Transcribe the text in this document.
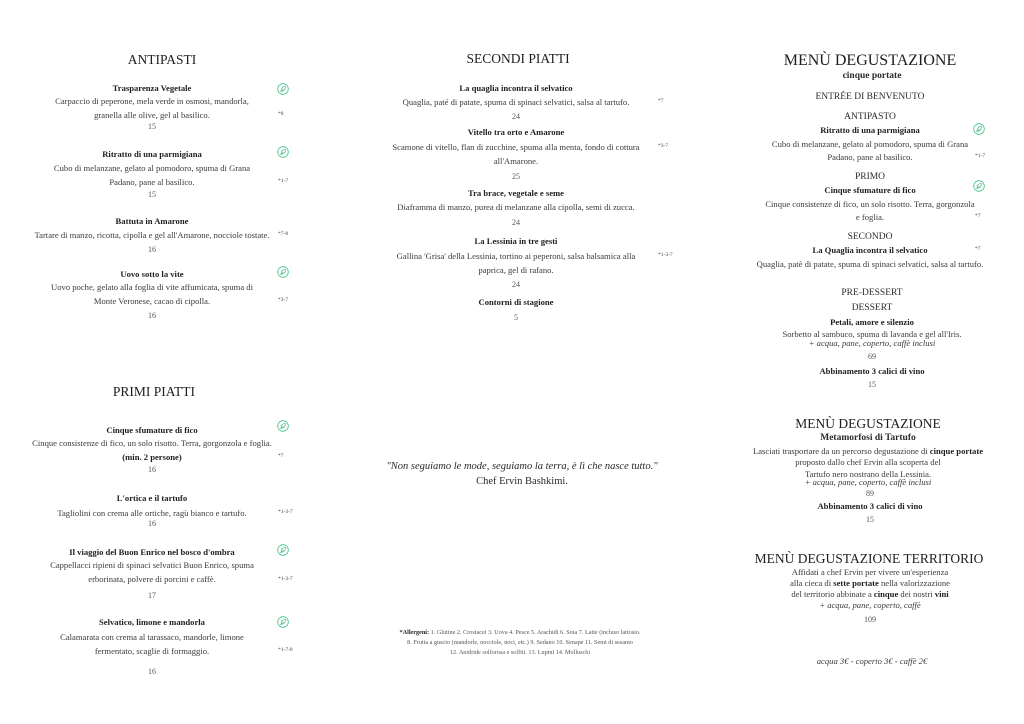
ANTIPASTI
Trasparenza Vegetale
Carpaccio di peperone, mela verde in osmosi, mandorla,
granella alle olive, gel al basilico.	*8
15
Ritratto di una parmigiana
Cubo di melanzane, gelato al pomodoro, spuma di Grana
Padano, pane al basilico.	*1-7
15
Battuta in Amarone
Tartare di manzo, ricotta, cipolla e gel all'Amarone, nocciole tostate.	*7-8
16
Uovo sotto la vite
Uovo poche, gelato alla foglia di vite affumicata, spuma di
Monte Veronese, cacao di cipolla.	*3-7
16
PRIMI PIATTI
Cinque sfumature di fico
Cinque consistenze di fico, un solo risotto. Terra, gorgonzola e foglia.
(min. 2 persone)	*7
16
L'ortica e il tartufo
Tagliolini con crema alle ortiche, ragù bianco e tartufo.	*1-3-7
16
Il viaggio del Buon Enrico nel bosco d'ombra
Cappellacci ripieni di spinaci selvatici Buon Enrico, spuma
erborinata, polvere di porcini e caffè.	*1-3-7
17
Selvatico, limone e mandorla
Calamarata con crema al tarassaco, mandorle, limone
fermentato, scaglie di formaggio.	*1-7-8
16
SECONDI PIATTI
La quaglia incontra il selvatico
*7
Quaglia, paté di patate, spuma di spinaci selvatici, salsa al tartufo.
24
Vitello tra orto e Amarone
*3-7
Scamone di vitello, flan di zucchine, spuma alla menta, fondo di cottura
all'Amarone.
25
Tra brace, vegetale e seme
Diaframma di manzo, purea di melanzane alla cipolla, semi di zucca.
24
La Lessinia in tre gesti
*1-3-7
Gallina 'Grisa' della Lessinia, tortino ai peperoni, salsa balsamica alla
paprica, gel di rafano.
24
Contorni di stagione
5
"Non seguiamo le mode, seguiamo la terra, è lì che nasce tutto."
Chef Ervin Bashkimi.
*Allergeni: 1. Glutine 2. Crostacei 3. Uova 4. Pesce 5. Arachidi 6. Soia 7. Latte (incluso lattosio.
8. Frutta a guscio (mandorle, nocciole, noci, etc.) 9. Sedano 10. Senape 11. Semi di sesamo
12. Anidride solforosa e solfiti. 13. Lupini 14. Molluschi
MENÙ DEGUSTAZIONE
cinque portate
ENTRÉE DI BENVENUTO
ANTIPASTO
Ritratto di una parmigiana
Cubo di melanzane, gelato al pomodoro, spuma di Grana
Padano, pane al basilico.	*1-7
PRIMO
Cinque sfumature di fico
Cinque consistenze di fico, un solo risotto. Terra, gorgonzola
e foglia.	*7
SECONDO
La Quaglia incontra il selvatico	*7
Quaglia, patè di patate, spuma di spinaci selvatici, salsa al tartufo.
PRE-DESSERT
DESSERT
Petali, amore e silenzio
Sorbetto al sambuco, spuma di lavanda e gel all'Iris.
+ acqua, pane, coperto, caffè inclusi
69
Abbinamento 3 calici di vino
15
MENÙ DEGUSTAZIONE
Metamorfosi di Tartufo
Lasciati trasportare da un percorso degustazione di cinque portate
proposto dallo chef Ervin alla scoperta del
Tartufo nero nostrano della Lessinia.
+ acqua, pane, coperto, caffè inclusi
89
Abbinamento 3 calici di vino
15
MENÙ DEGUSTAZIONE TERRITORIO
Affidati a chef Ervin per vivere un'esperienza
alla cieca di sette portate nella valorizzazione
del territorio abbinate a cinque dei nostri vini
+ acqua, pane, coperto, caffè
109
acqua 3€ - coperto 3€ - caffè 2€
